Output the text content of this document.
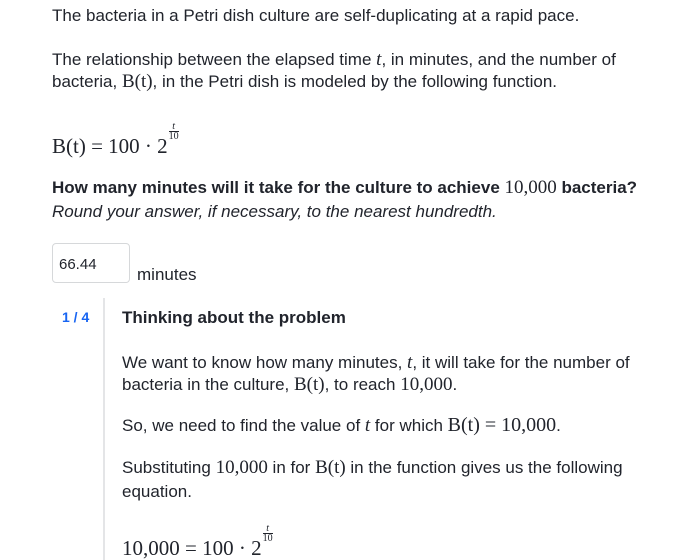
The bacteria in a Petri dish culture are self-duplicating at a rapid pace.

The relationship between the elapsed time t, in minutes, and the number of bacteria, B(t), in the Petri dish is modeled by the following function.

B(t) = 100 · 2
$\frac{t}{10}$

How many minutes will it take for the culture to achieve 10,000 bacteria?

Round your answer, if necessary, to the nearest hundredth.

66.44
minutes
1 / 4 Thinking about the problem

We want to know how many minutes, t, it will take for the number of bacteria in the culture, B(t), to reach 10,000.

So, we need to find the value of t for which B(t) = 10,000.

Substituting 10,000 in for B(t) in the function gives us the following equation.

10,000 = 100 · 2
$\frac{t}{10}$
